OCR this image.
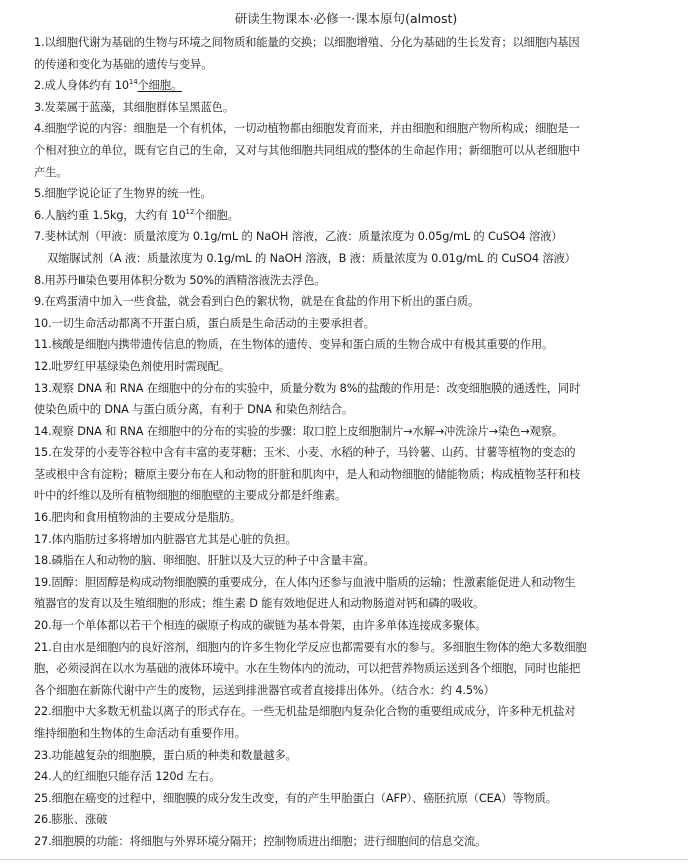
研读生物课本·必修一·课本原句(almost)

1.以细胞代谢为基础的生物与环境之间物质和能量的交换；以细胞增殖、分化为基础的生长发育；以细胞内基因

的传递和变化为基础的遗传与变异。

2.成人身体约有 $10^{14}$个细胞。

3.发菜属于蓝藻，其细胞群体呈黑蓝色。

4.细胞学说的内容：细胞是一个有机体，一切动植物都由细胞发育而来，并由细胞和细胞产物所构成；细胞是一

个相对独立的单位，既有它自己的生命，又对与其他细胞共同组成的整体的生命起作用；新细胞可以从老细胞中

产生。

5.细胞学说论证了生物界的统一性。

6.人脑约重 1.5kg，大约有 $10^{12}$个细胞。

7.斐林试剂（甲液：质量浓度为 0.1g/mL 的 NaOH 溶液，乙液：质量浓度为 0.05g/mL 的 CuSO4 溶液）

双缩脲试剂（A 液：质量浓度为 0.1g/mL 的 NaOH 溶液，B 液：质量浓度为 0.01g/mL 的 CuSO4 溶液）

8.用苏丹Ⅲ染色要用体积分数为 50%的酒精溶液洗去浮色。

9.在鸡蛋清中加入一些食盐，就会看到白色的絮状物，就是在食盐的作用下析出的蛋白质。

10.一切生命活动都离不开蛋白质，蛋白质是生命活动的主要承担者。

11.核酸是细胞内携带遗传信息的物质，在生物体的遗传、变异和蛋白质的生物合成中有极其重要的作用。

12.吡罗红甲基绿染色剂使用时需现配。

13.观察 DNA 和 RNA 在细胞中的分布的实验中，质量分数为 8%的盐酸的作用是：改变细胞膜的通透性，同时

使染色质中的 DNA 与蛋白质分离，有利于 DNA 和染色剂结合。

14.观察 DNA 和 RNA 在细胞中的分布的实验的步骤：取口腔上皮细胞制片→水解→冲洗涂片→染色→观察。

15.在发芽的小麦等谷粒中含有丰富的麦芽糖；玉米、小麦、水稻的种子，马铃薯、山药、甘薯等植物的变态的

茎或根中含有淀粉；糖原主要分布在人和动物的肝脏和肌肉中，是人和动物细胞的储能物质；构成植物茎秆和枝

叶中的纤维以及所有植物细胞的细胞壁的主要成分都是纤维素。

16.肥肉和食用植物油的主要成分是脂肪。

17.体内脂肪过多将增加内脏器官尤其是心脏的负担。

18.磷脂在人和动物的脑、卵细胞、肝脏以及大豆的种子中含量丰富。

19.固醇：胆固醇是构成动物细胞膜的重要成分，在人体内还参与血液中脂质的运输；性激素能促进人和动物生

殖器官的发育以及生殖细胞的形成；维生素 D 能有效地促进人和动物肠道对钙和磷的吸收。

20.每一个单体都以若干个相连的碳原子构成的碳链为基本骨架，由许多单体连接成多聚体。

21.自由水是细胞内的良好溶剂，细胞内的许多生物化学反应也都需要有水的参与。多细胞生物体的绝大多数细胞

胞，必须浸润在以水为基础的液体环境中。水在生物体内的流动，可以把营养物质运送到各个细胞，同时也能把

各个细胞在新陈代谢中产生的废物，运送到排泄器官或者直接排出体外。（结合水：约 4.5%）

22.细胞中大多数无机盐以离子的形式存在。一些无机盐是细胞内复杂化合物的重要组成成分，许多种无机盐对

维持细胞和生物体的生命活动有重要作用。

23.功能越复杂的细胞膜，蛋白质的种类和数量越多。

24.人的红细胞只能存活 120d 左右。

25.细胞在癌变的过程中，细胞膜的成分发生改变，有的产生甲胎蛋白（AFP）、癌胚抗原（CEA）等物质。

26.膨胀、涨破

27.细胞膜的功能：将细胞与外界环境分隔开；控制物质进出细胞；进行细胞间的信息交流。
